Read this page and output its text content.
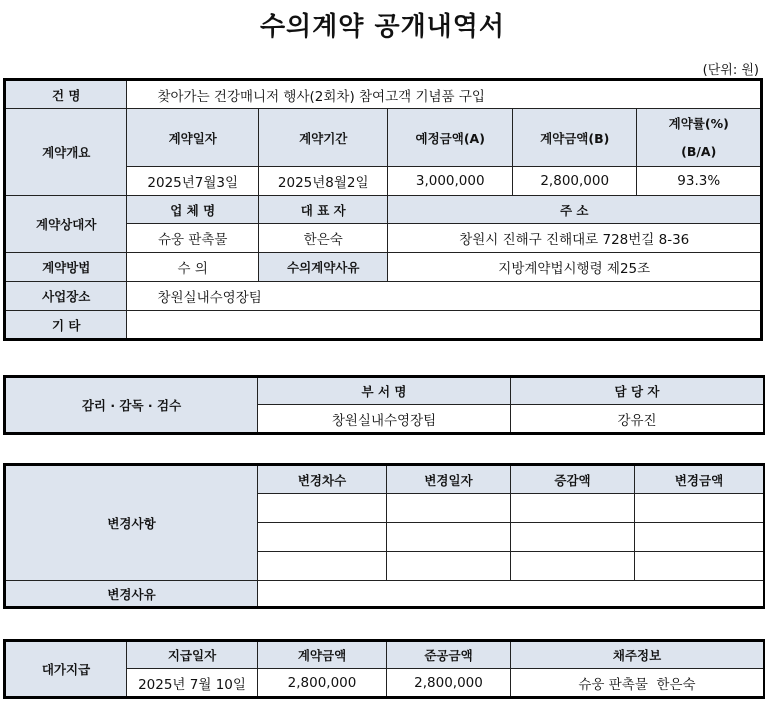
수의계약 공개내역서
(단위: 원)
건 명	찾아가는 건강매니저 행사(2회차) 참여고객 기념품 구입				
계약개요	계약일자	계약기간	예정금액(A)	계약금액(B)	계약률(%)
(B/A)

	2025년7월3일	2025년8월2일	3,000,000	2,800,000	93.3%
계약상대자	업 체 명	대 표 자	주 소		
	슈웅 판촉물	한은숙	창원시 진해구 진해대로 728번길 8-36		
계약방법	수 의	수의계약사유	지방계약법시행령 제25조		
사업장소	창원실내수영장팀				
기 타					
감리 · 감독 · 검수	부 서 명	담 당 자
	창원실내수영장팀	강유진
변경사항	변경차수	변경일자	증감액	변경금액

변경사유				
대가지급	지급일자	계약금액	준공금액	채주정보
	2025년 7월 10일	2,800,000	2,800,000	슈웅 판촉물  한은숙
